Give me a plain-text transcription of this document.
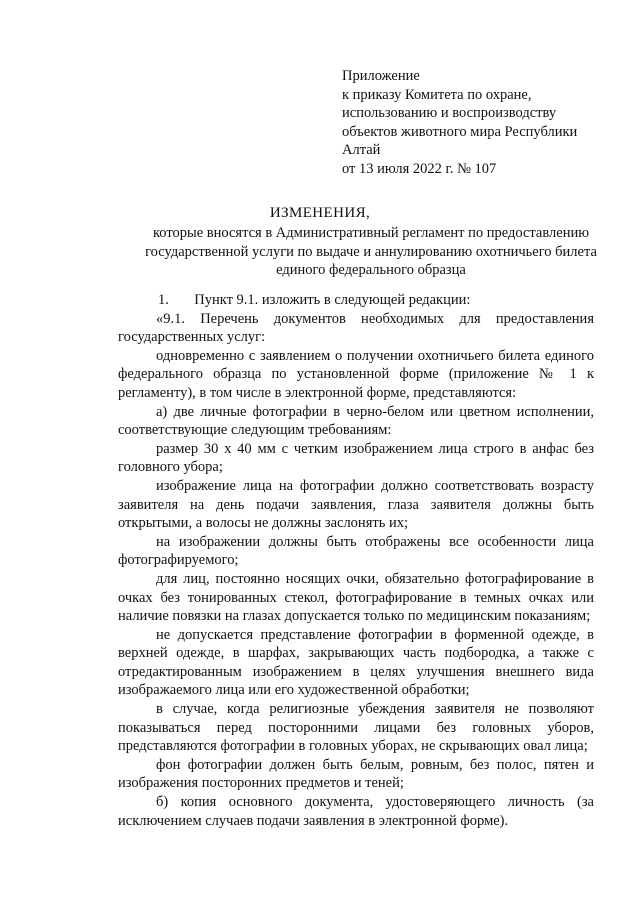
Приложение
к приказу Комитета по охране,
использованию и воспроизводству
объектов животного мира Республики
Алтай
от 13 июля 2022 г. № 107
ИЗМЕНЕНИЯ,
которые вносятся в Административный регламент по предоставлению государственной услуги по выдаче и аннулированию охотничьего билета единого федерального образца

1.       Пункт 9.1. изложить в следующей редакции:

«9.1. Перечень документов необходимых для предоставления государственных услуг:

одновременно с заявлением о получении охотничьего билета единого федерального образца по установленной форме (приложение № 1 к регламенту), в том числе в электронной форме, представляются:

а) две личные фотографии в черно-белом или цветном исполнении, соответствующие следующим требованиям:

размер 30 х 40 мм с четким изображением лица строго в анфас без головного убора;

изображение лица на фотографии должно соответствовать возрасту заявителя на день подачи заявления, глаза заявителя должны быть открытыми, а волосы не должны заслонять их;

на изображении должны быть отображены все особенности лица фотографируемого;

для лиц, постоянно носящих очки, обязательно фотографирование в очках без тонированных стекол, фотографирование в темных очках или наличие повязки на глазах допускается только по медицинским показаниям;

не допускается представление фотографии в форменной одежде, в верхней одежде, в шарфах, закрывающих часть подбородка, а также с отредактированным изображением в целях улучшения внешнего вида изображаемого лица или его художественной обработки;

в случае, когда религиозные убеждения заявителя не позволяют показываться перед посторонними лицами без головных уборов, представляются фотографии в головных уборах, не скрывающих овал лица;

фон фотографии должен быть белым, ровным, без полос, пятен и изображения посторонних предметов и теней;

б) копия основного документа, удостоверяющего личность (за исключением случаев подачи заявления в электронной форме).
